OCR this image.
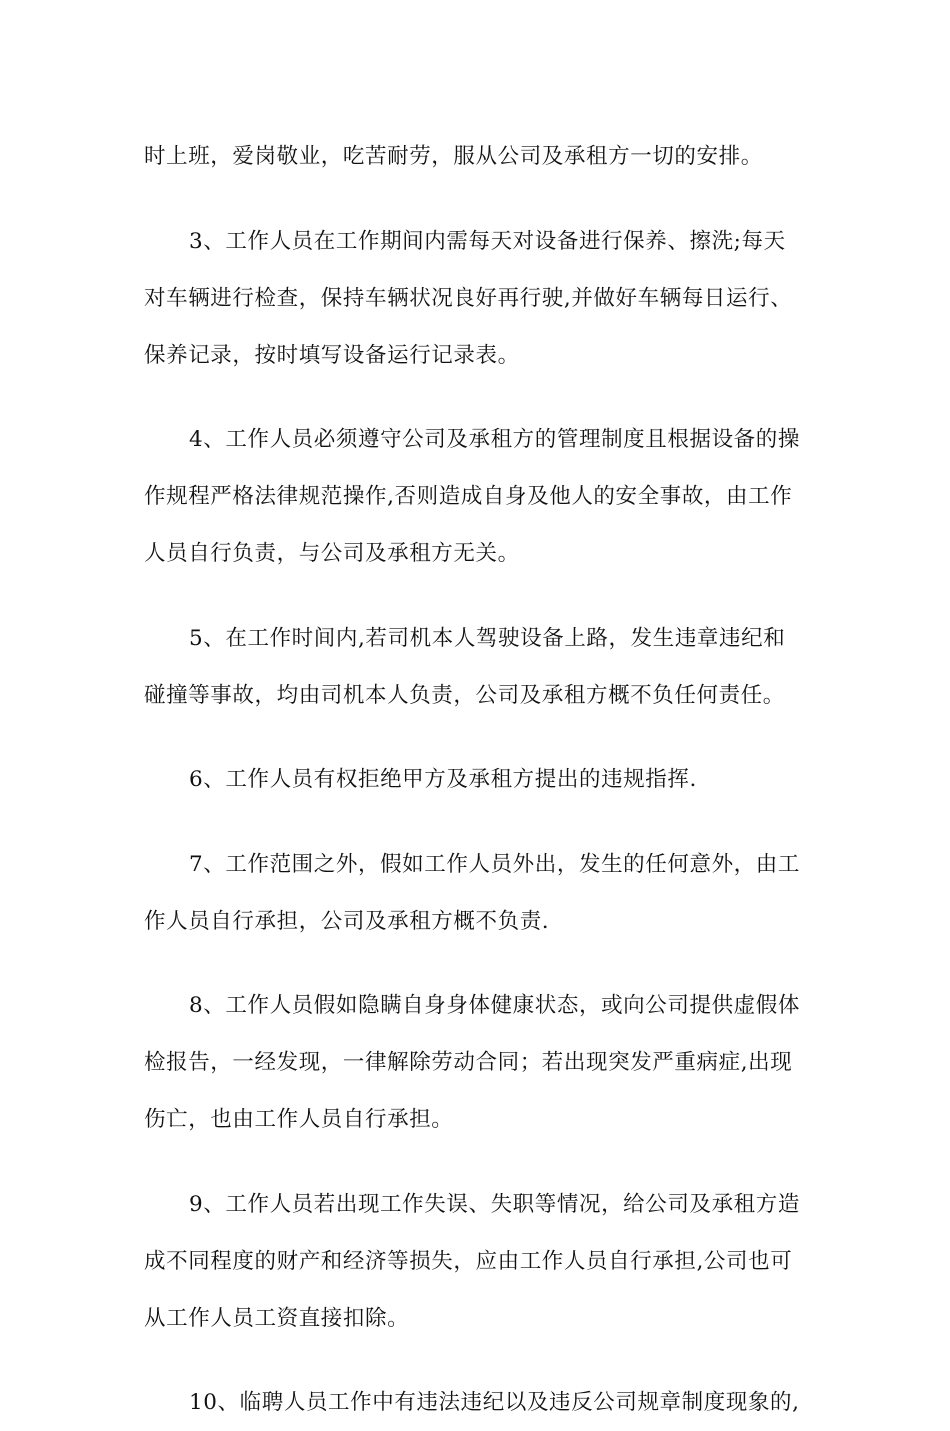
时上班，爱岗敬业，吃苦耐劳，服从公司及承租方一切的安排。
3、工作人员在工作期间内需每天对设备进行保养、擦洗;每天
对车辆进行检查，保持车辆状况良好再行驶,并做好车辆每日运行、
保养记录，按时填写设备运行记录表。
4、工作人员必须遵守公司及承租方的管理制度且根据设备的操
作规程严格法律规范操作,否则造成自身及他人的安全事故，由工作
人员自行负责，与公司及承租方无关。
5、在工作时间内,若司机本人驾驶设备上路，发生违章违纪和
碰撞等事故，均由司机本人负责，公司及承租方概不负任何责任。
6、工作人员有权拒绝甲方及承租方提出的违规指挥.
7、工作范围之外，假如工作人员外出，发生的任何意外，由工
作人员自行承担，公司及承租方概不负责.
8、工作人员假如隐瞒自身身体健康状态，或向公司提供虚假体
检报告，一经发现，一律解除劳动合同；若出现突发严重病症,出现
伤亡，也由工作人员自行承担。
9、工作人员若出现工作失误、失职等情况，给公司及承租方造
成不同程度的财产和经济等损失，应由工作人员自行承担,公司也可
从工作人员工资直接扣除。
10、临聘人员工作中有违法违纪以及违反公司规章制度现象的,
